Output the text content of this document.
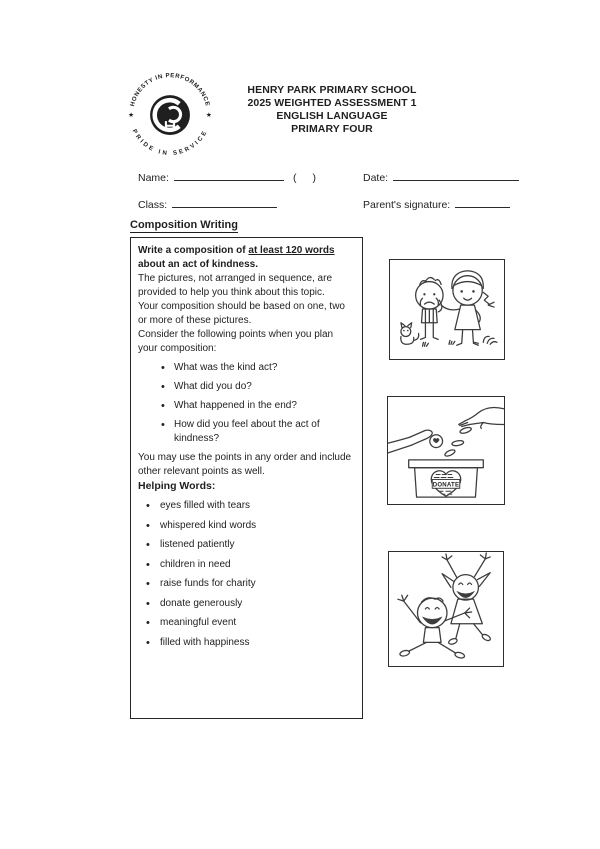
HONESTY IN PERFORMANCE
PRIDE IN SERVICE
★	★
HENRY PARK PRIMARY SCHOOL
2025 WEIGHTED ASSESSMENT 1
ENGLISH LANGUAGE
PRIMARY FOUR
Name:	( )	Date:
Class:	Parent's signature:
Composition Writing

Write a composition of at least 120 words about an act of kindness.

The pictures, not arranged in sequence, are provided to help you think about this topic.

Your composition should be based on one, two or more of these pictures.

Consider the following points when you plan your composition:

• What was the kind act?
• What did you do?
• What happened in the end?
• How did you feel about the act of kindness?

You may use the points in any order and include other relevant points as well.

Helping Words:

• eyes filled with tears
• whispered kind words
• listened patiently
• children in need
• raise funds for charity
• donate generously
• meaningful event
• filled with happiness
DONATE
